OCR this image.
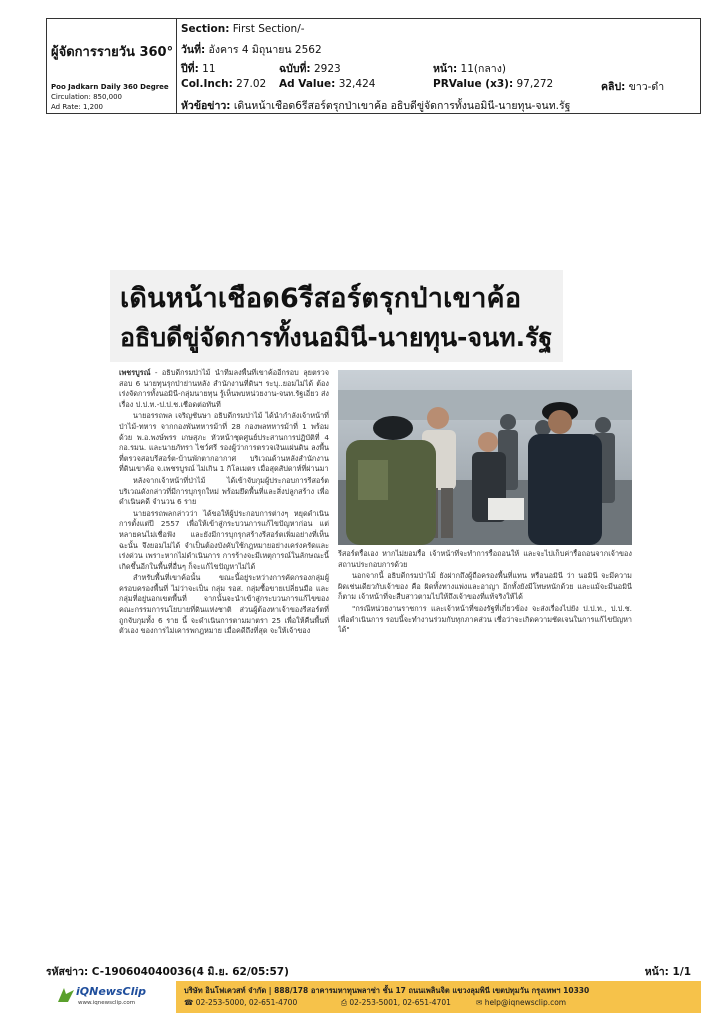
ผู้จัดการรายวัน 360°
Poo Jadkarn Daily 360 Degree
Circulation: 850,000
Ad Rate: 1,200
Section: First Section/-
วันที่: อังคาร 4 มิถุนายน 2562
ปีที่: 11	ฉบับที่: 2923	หน้า: 11(กลาง)
Col.Inch: 27.02 Ad Value: 32,424	PRValue (x3): 97,272	คลิป: ขาว-ดำ
หัวข้อข่าว: เดินหน้าเชือด6รีสอร์ตรุกป่าเขาค้อ อธิบดีขู่จัดการทั้งนอมินี-นายทุน-จนท.รัฐ
เดินหน้าเชือด6รีสอร์ตรุกป่าเขาค้อ
อธิบดีขู่จัดการทั้งนอมินี-นายทุน-จนท.รัฐ

เพชรบูรณ์ - อธิบดีกรมป่าไม้ นำทีมลงพื้นที่เขาค้ออีกรอบ ลุยตรวจสอบ 6 นายทุนรุกป่าย่านหลัง สำนักงานที่ดินฯ ระบุ..ยอมไม่ได้ ต้องเร่งจัดการทั้งนอมินี-กลุ่มนายทุน รู้เห็นพบหน่วยงาน-จนท.รัฐเอี่ยว ส่งเรื่อง ป.ป.ท.-ป.ป.ช.เชือดต่อทันที

นายอรรถพล เจริญชันษา อธิบดีกรมป่าไม้ ได้นำกำลังเจ้าหน้าที่ป่าไม้-ทหาร จากกองพันทหารม้าที่ 28 กองพลทหารม้าที่ 1 พร้อมด้วย พ.อ.พงษ์พรร เกษสุภะ หัวหน้าชุดศูนย์ประสานการปฏิบัติที่ 4 กอ.รมน. และนายภัทรา ไชว์ศรี รองผู้ว่าการตรวจเงินแผ่นดิน ลงพื้นที่ตรวจสอบรีสอร์ต-บ้านพักตากอากาศ บริเวณด้านหลังสำนักงานที่ดินเขาค้อ จ.เพชรบูรณ์ ไม่เกิน 1 กิโลเมตร เมื่อสุดสัปดาห์ที่ผ่านมา

หลังจากเจ้าหน้าที่ป่าไม้ ได้เข้าจับกุมผู้ประกอบการรีสอร์ต บริเวณดังกล่าวที่มีการบุกรุกใหม่ พร้อมยึดพื้นที่และสิ่งปลูกสร้าง เพื่อดำเนินคดี จำนวน 6 ราย

นายอรรถพลกล่าวว่า ได้ขอให้ผู้ประกอบการต่างๆ หยุดดำเนินการตั้งแต่ปี 2557 เพื่อให้เข้าสู่กระบวนการแก้ไขปัญหาก่อน แต่หลายคนไม่เชื่อฟัง และยังมีการบุกรุกสร้างรีสอร์ตเพิ่มอย่างที่เห็น ฉะนั้น จึงยอมไม่ได้ จำเป็นต้องบังคับใช้กฎหมายอย่างเคร่งครัดและเร่งด่วน เพราะหากไม่ดำเนินการ การร้างจะมีเหตุการณ์ในลักษณะนี้เกิดขึ้นอีกในพื้นที่อื่นๆ ก็จะแก้ไขปัญหาไม่ได้

สำหรับพื้นที่เขาค้อนั้น ขณะนี้อยู่ระหว่างการคัดกรองกลุ่มผู้ครอบครองพื้นที่ ไม่ว่าจะเป็น กลุ่ม รอส. กลุ่มซื้อขายเปลี่ยนมือ และกลุ่มที่อยู่นอกเขตพื้นที่ จากนั้นจะนำเข้าสู่กระบวนการแก้ไขของคณะกรรมการนโยบายที่ดินแห่งชาติ ส่วนผู้ต้องหาเจ้าของรีสอร์ตที่ถูกจับกุมทั้ง 6 ราย นี้ จะดำเนินการตามมาตรา 25 เพื่อให้คืนพื้นที่ตัวเอง ของการไม่เคารพกฎหมาย เมื่อคดีถึงที่สุด จะให้เจ้าของ

รีสอร์ตรื้อเอง หากไม่ยอมรื้อ เจ้าหน้าที่จะทำการรื้อถอนให้ และจะไปเก็บค่ารื้อถอนจากเจ้าของสถานประกอบการด้วย

นอกจากนี้ อธิบดีกรมป่าไม้ ยังฝากถึงผู้ถือครองพื้นที่แทน หรือนอมินี ว่า นอมินี จะมีความผิดเช่นเดียวกับเจ้าของ คือ ผิดทั้งทางแพ่งและอาญา อีกทั้งยังมีโทษหนักด้วย และแม้จะมีนอมินีก็ตาม เจ้าหน้าที่จะสืบสาวตามไปให้ถึงเจ้าของที่แท้จริงให้ได้

"กรณีหน่วยงานราชการ และเจ้าหน้าที่ของรัฐที่เกี่ยวข้อง จะส่งเรื่องไปยัง ป.ป.ท., ป.ป.ช. เพื่อดำเนินการ รอบนี้จะทำงานร่วมกับทุกภาคส่วน เชื่อว่าจะเกิดความชัดเจนในการแก้ไขปัญหาได้"

รหัสข่าว: C-190604040036(4 มิ.ย. 62/05:57)	หน้า: 1/1
iQNewsClip
www.iqnewsclip.com
บริษัท อินโฟเควสท์ จำกัด | 888/178 อาคารมหาทุนพลาซ่า ชั้น 17 ถนนเพลินจิต แขวงลุมพินี เขตปทุมวัน กรุงเทพฯ 10330
☎ 02-253-5000, 02-651-4700	⎙ 02-253-5001, 02-651-4701	✉ help@iqnewsclip.com
